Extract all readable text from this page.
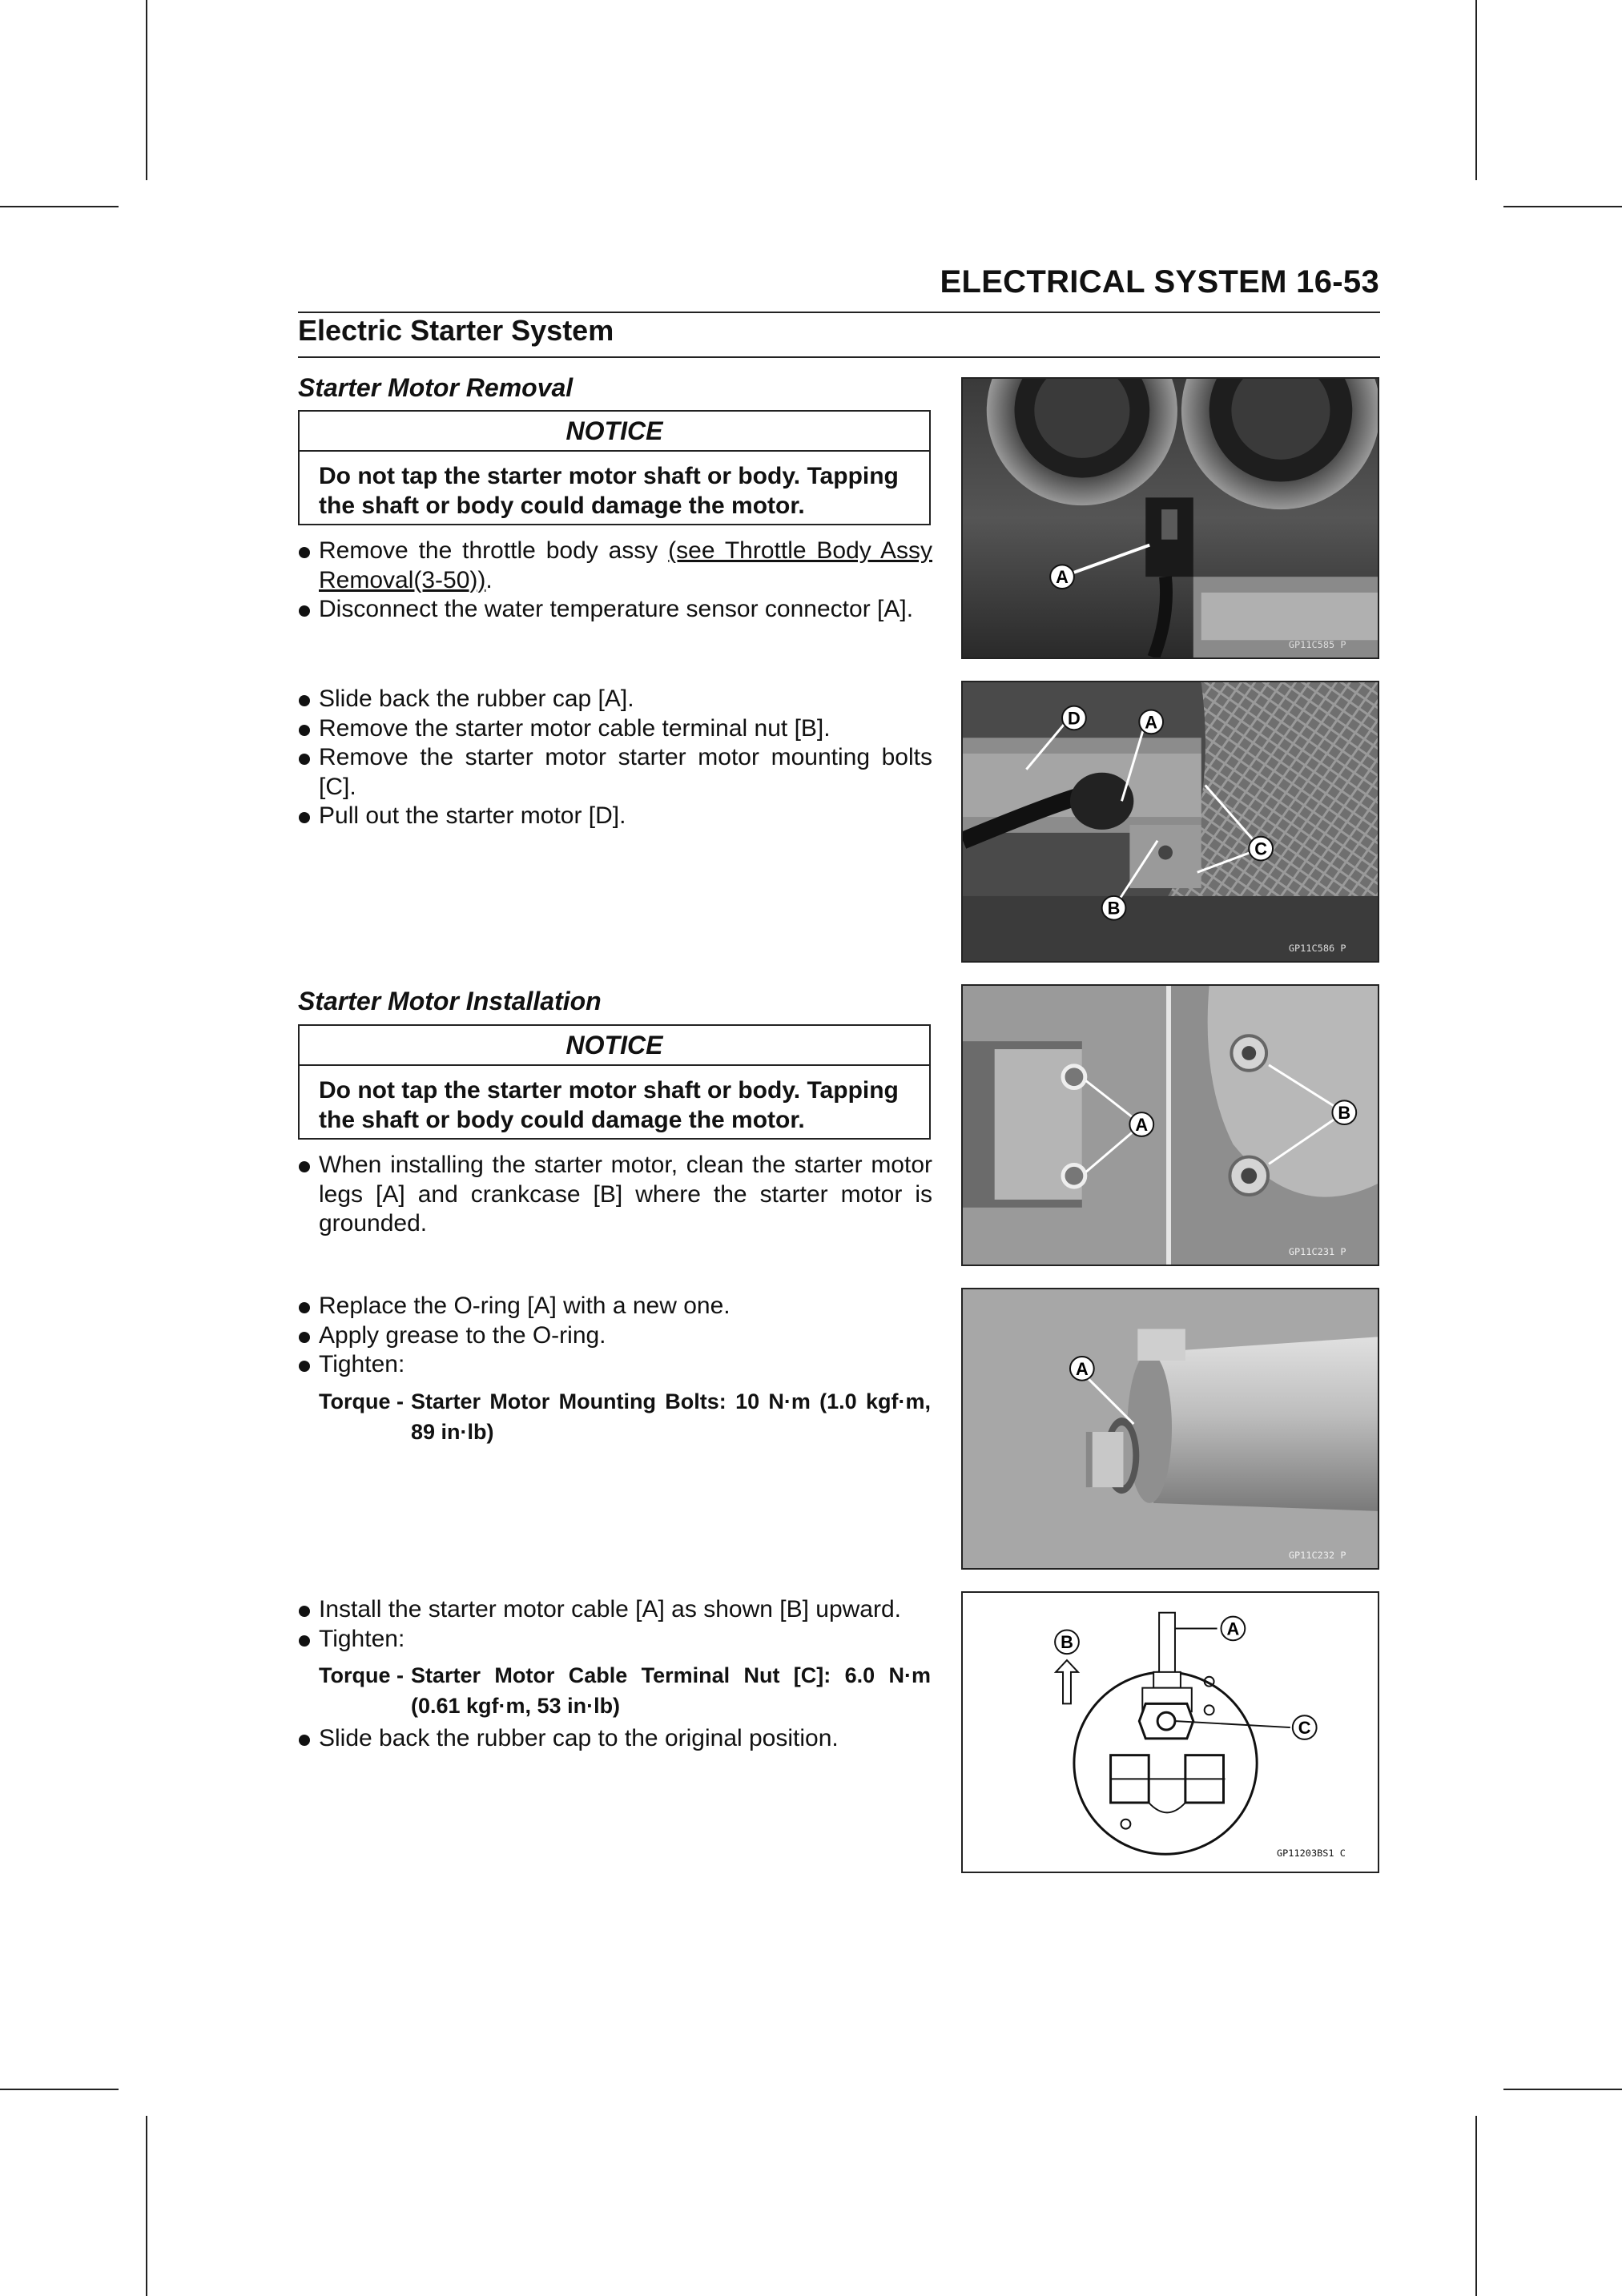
ELECTRICAL SYSTEM 16-53
Electric Starter System
Starter Motor Removal
NOTICE
Do not tap the starter motor shaft or body. Tapping the shaft or body could damage the motor.
Remove the throttle body assy (see Throttle Body Assy Removal(3-50)).
Disconnect the water temperature sensor connector [A].
Slide back the rubber cap [A].
Remove the starter motor cable terminal nut [B].
Remove the starter motor starter motor mounting bolts [C].
Pull out the starter motor [D].
Starter Motor Installation
NOTICE
Do not tap the starter motor shaft or body. Tapping the shaft or body could damage the motor.
When installing the starter motor, clean the starter motor legs [A] and crankcase [B] where the starter motor is grounded.
Replace the O-ring [A] with a new one.
Apply grease to the O-ring.
Tighten:
Torque - Starter Motor Mounting Bolts: 10 N·m (1.0 kgf·m, 89 in·lb)
Install the starter motor cable [A] as shown [B] upward.
Tighten:
Torque - Starter Motor Cable Terminal Nut [C]: 6.0 N·m (0.61 kgf·m, 53 in·lb)
Slide back the rubber cap to the original position.
A
GP11C585 P
D	A
C
B
GP11C586 P
A
B
GP11C231 P
A
GP11C232 P
B
A
C
GP11203BS1 C
